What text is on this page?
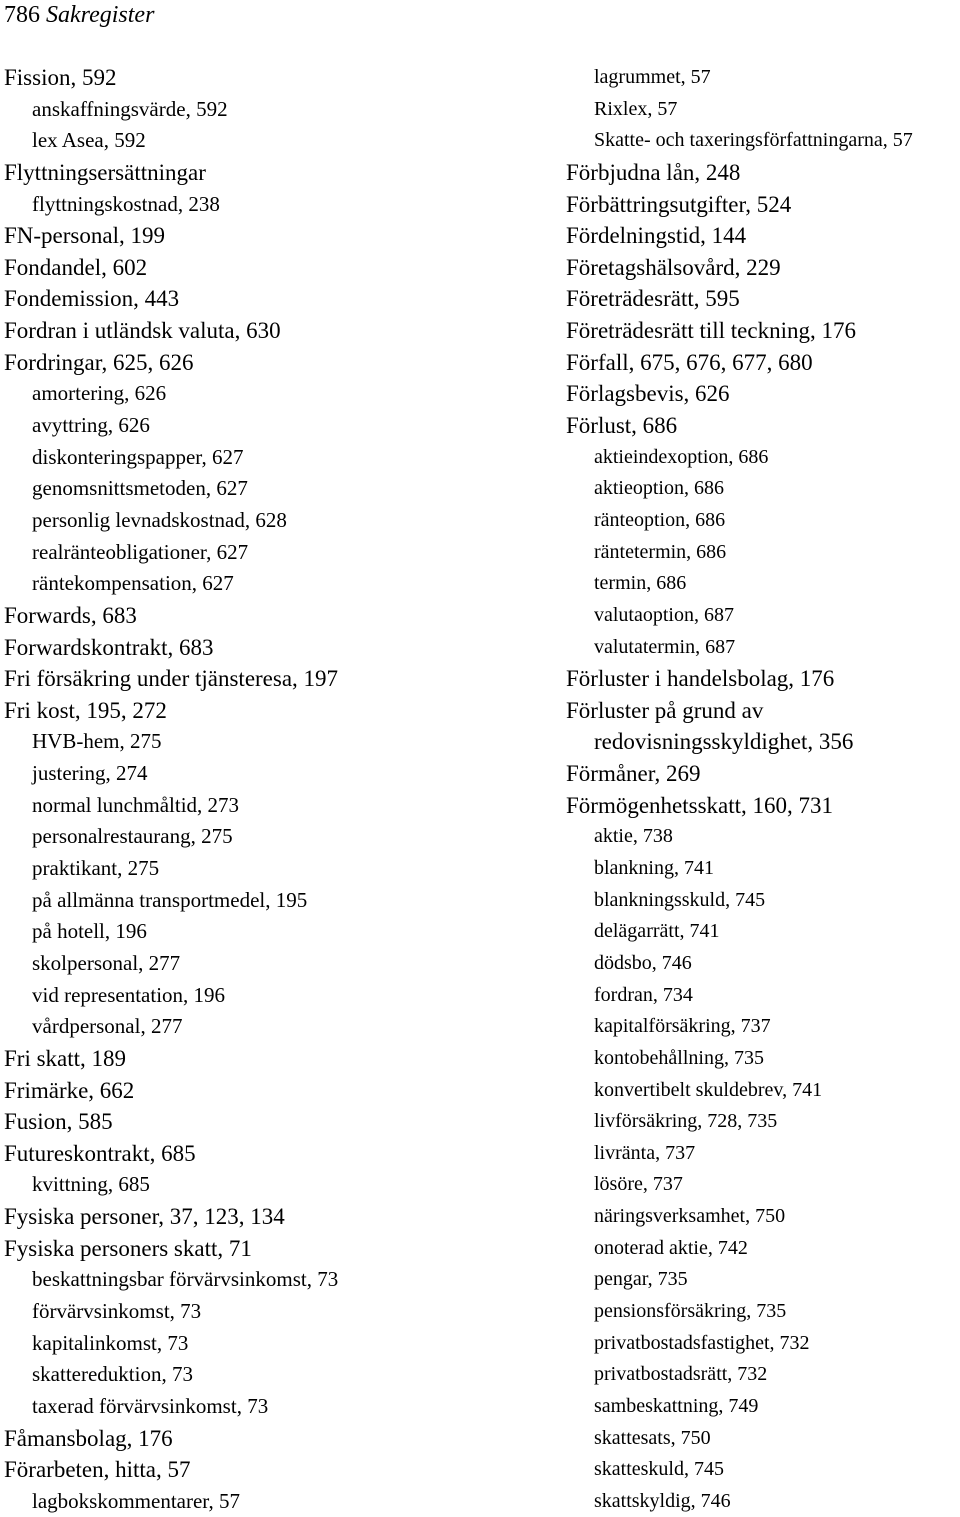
786 Sakregister
Fission, 592
anskaffningsvärde, 592
lex Asea, 592
Flyttningsersättningar
flyttningskostnad, 238
FN-personal, 199
Fondandel, 602
Fondemission, 443
Fordran i utländsk valuta, 630
Fordringar, 625, 626
amortering, 626
avyttring, 626
diskonteringspapper, 627
genomsnittsmetoden, 627
personlig levnadskostnad, 628
realränteobligationer, 627
räntekompensation, 627
Forwards, 683
Forwardskontrakt, 683
Fri försäkring under tjänsteresa, 197
Fri kost, 195, 272
HVB-hem, 275
justering, 274
normal lunchmåltid, 273
personalrestaurang, 275
praktikant, 275
på allmänna transportmedel, 195
på hotell, 196
skolpersonal, 277
vid representation, 196
vårdpersonal, 277
Fri skatt, 189
Frimärke, 662
Fusion, 585
Futureskontrakt, 685
kvittning, 685
Fysiska personer, 37, 123, 134
Fysiska personers skatt, 71
beskattningsbar förvärvsinkomst, 73
förvärvsinkomst, 73
kapitalinkomst, 73
skattereduktion, 73
taxerad förvärvsinkomst, 73
Fåmansbolag, 176
Förarbeten, hitta, 57
lagbokskommentarer, 57
lagrummet, 57
Rixlex, 57
Skatte- och taxeringsförfattningarna, 57
Förbjudna lån, 248
Förbättringsutgifter, 524
Fördelningstid, 144
Företagshälsovård, 229
Företrädesrätt, 595
Företrädesrätt till teckning, 176
Förfall, 675, 676, 677, 680
Förlagsbevis, 626
Förlust, 686
aktieindexoption, 686
aktieoption, 686
ränteoption, 686
räntetermin, 686
termin, 686
valutaoption, 687
valutatermin, 687
Förluster i handelsbolag, 176
Förluster på grund av
redovisningsskyldighet, 356
Förmåner, 269
Förmögenhetsskatt, 160, 731
aktie, 738
blankning, 741
blankningsskuld, 745
delägarrätt, 741
dödsbo, 746
fordran, 734
kapitalförsäkring, 737
kontobehållning, 735
konvertibelt skuldebrev, 741
livförsäkring, 728, 735
livränta, 737
lösöre, 737
näringsverksamhet, 750
onoterad aktie, 742
pengar, 735
pensionsförsäkring, 735
privatbostadsfastighet, 732
privatbostadsrätt, 732
sambeskattning, 749
skattesats, 750
skatteskuld, 745
skattskyldig, 746
